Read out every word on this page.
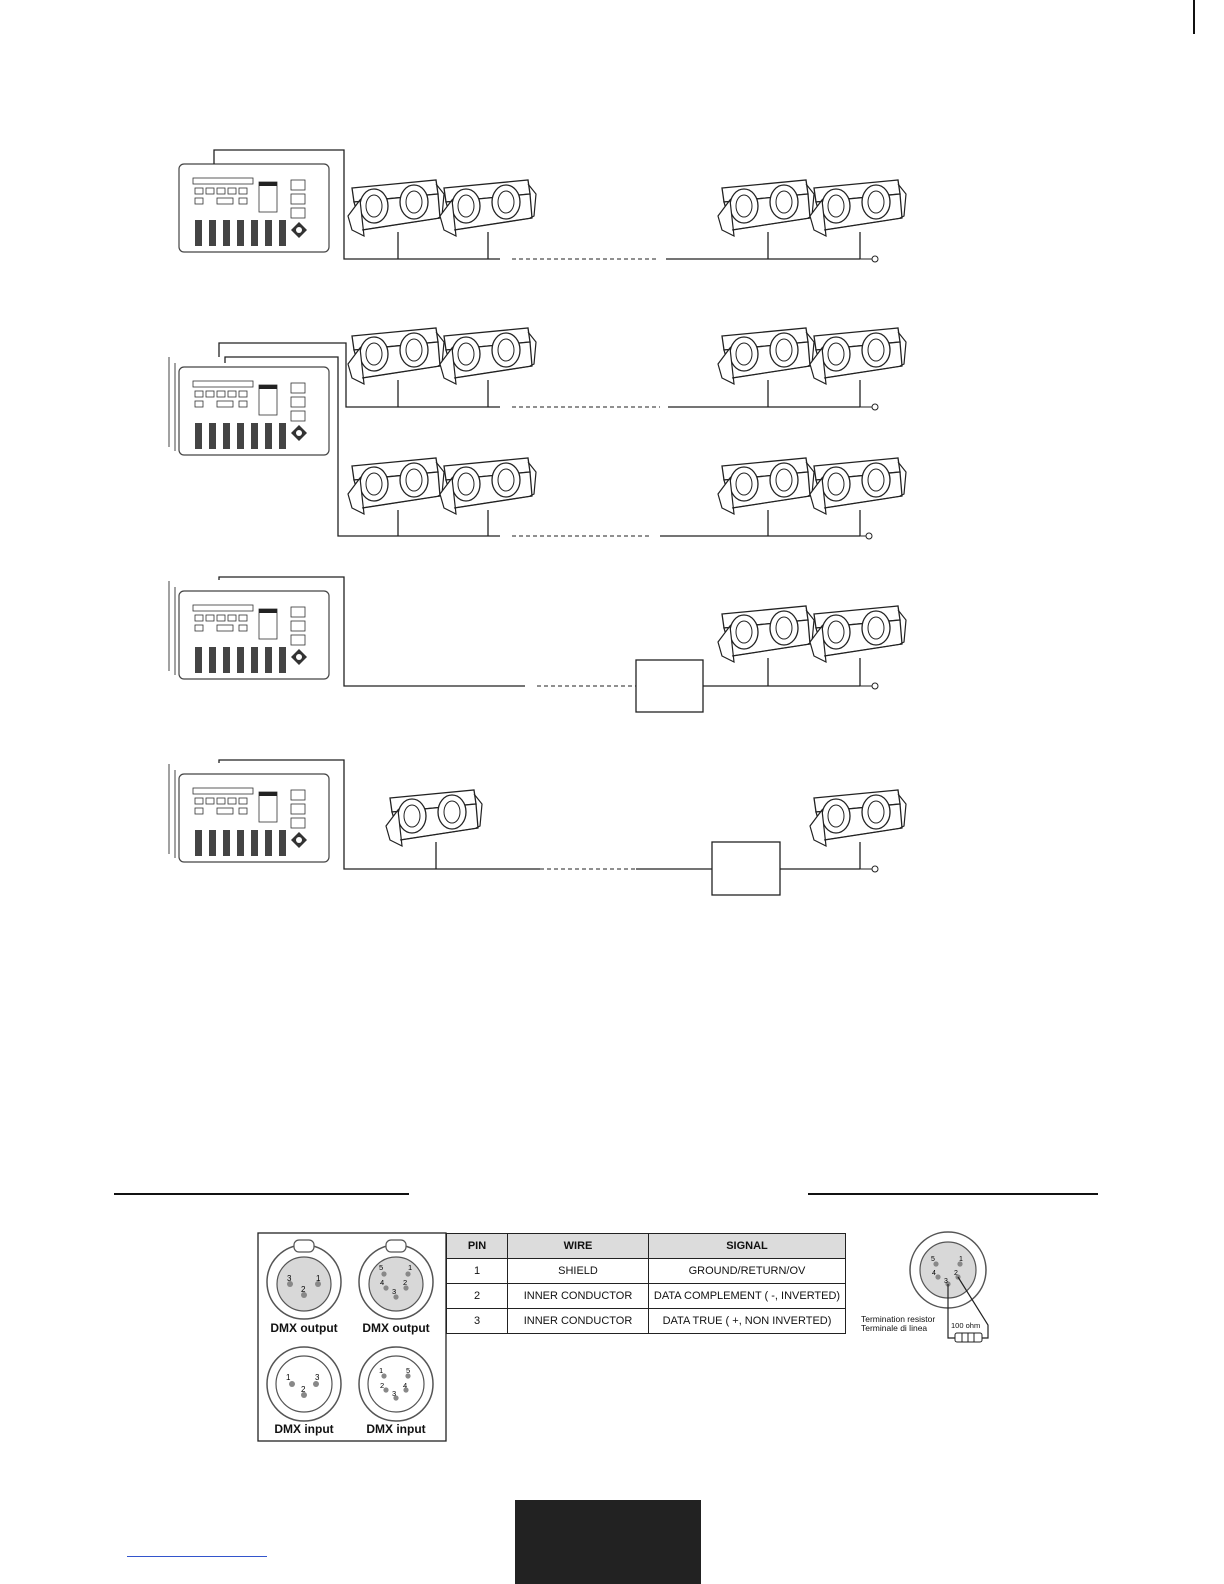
3
2
1
5	1
4	2
3
1
2
3
1	5
2	4
3
5	1
4	2
3
PIN	WIRE	SIGNAL
1	SHIELD	GROUND/RETURN/OV
2	INNER CONDUCTOR	DATA COMPLEMENT ( -, INVERTED)
3	INNER CONDUCTOR	DATA TRUE ( +, NON INVERTED)
DMX output	DMX output
DMX input	DMX input
Termination resistor
Terminale di linea	100 ohm
